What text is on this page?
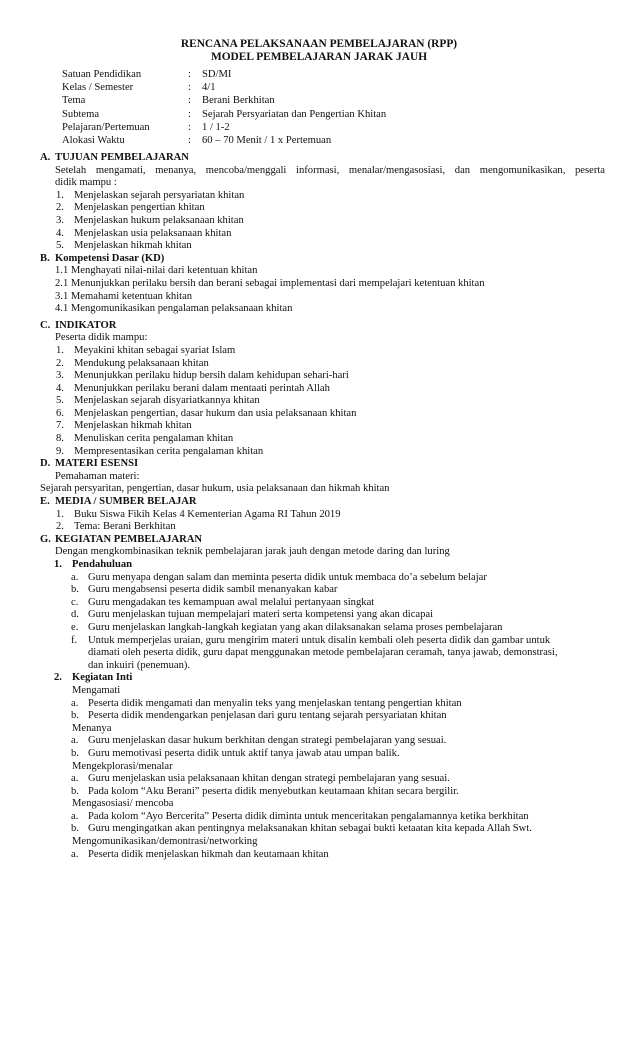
RENCANA PELAKSANAAN PEMBELAJARAN (RPP)
MODEL PEMBELAJARAN JARAK JAUH
Satuan Pendidikan	: SD/MI
Kelas / Semester	: 4/1
Tema	: Berani Berkhitan
Subtema	: Sejarah Persyariatan dan Pengertian Khitan
Pelajaran/Pertemuan	: 1 / 1-2
Alokasi Waktu	: 60 – 70 Menit / 1 x Pertemuan
A. TUJUAN PEMBELAJARAN
Setelah mengamati, menanya, mencoba/menggali informasi, menalar/mengasosiasi, dan mengomunikasikan, peserta
didik mampu :
1. Menjelaskan sejarah persyariatan khitan
2. Menjelaskan pengertian khitan
3. Menjelaskan hukum pelaksanaan khitan
4. Menjelaskan usia pelaksanaan khitan
5. Menjelaskan hikmah khitan
B. Kompetensi Dasar (KD)
1.1 Menghayati nilai-nilai dari ketentuan khitan
2.1 Menunjukkan perilaku bersih dan berani sebagai implementasi dari mempelajari ketentuan khitan
3.1 Memahami ketentuan khitan
4.1 Mengomunikasikan pengalaman pelaksanaan khitan
C. INDIKATOR
Peserta didik mampu:
1. Meyakini khitan sebagai syariat Islam
2. Mendukung pelaksanaan khitan
3. Menunjukkan perilaku hidup bersih dalam kehidupan sehari-hari
4. Menunjukkan perilaku berani dalam mentaati perintah Allah
5. Menjelaskan sejarah disyariatkannya khitan
6. Menjelaskan pengertian, dasar hukum dan usia pelaksanaan khitan
7. Menjelaskan hikmah khitan
8. Menuliskan cerita pengalaman khitan
9. Mempresentasikan cerita pengalaman khitan
D. MATERI ESENSI
Pemahaman materi:
Sejarah persyaritan, pengertian, dasar hukum, usia pelaksanaan dan hikmah khitan
E. MEDIA / SUMBER BELAJAR
1. Buku Siswa Fikih Kelas 4 Kementerian Agama RI Tahun 2019
2. Tema: Berani Berkhitan
G. KEGIATAN PEMBELAJARAN
Dengan mengkombinasikan teknik pembelajaran jarak jauh dengan metode daring dan luring
1. Pendahuluan
a. Guru menyapa dengan salam dan meminta peserta didik untuk membaca do’a sebelum belajar
b. Guru mengabsensi peserta didik sambil menanyakan kabar
c. Guru mengadakan tes kemampuan awal melalui pertanyaan singkat
d. Guru menjelaskan tujuan mempelajari materi serta kompetensi yang akan dicapai
e. Guru menjelaskan langkah-langkah kegiatan yang akan dilaksanakan selama proses pembelajaran
f. Untuk memperjelas uraian, guru mengirim materi untuk disalin kembali oleh peserta didik dan gambar untuk
diamati oleh peserta didik, guru dapat menggunakan metode pembelajaran ceramah, tanya jawab, demonstrasi,
dan inkuiri (penemuan).
2. Kegiatan Inti
Mengamati
a. Peserta didik mengamati dan menyalin teks yang menjelaskan tentang pengertian khitan
b. Peserta didik mendengarkan penjelasan dari guru tentang sejarah persyariatan khitan
Menanya
a. Guru menjelaskan dasar hukum berkhitan dengan strategi pembelajaran yang sesuai.
b. Guru memotivasi peserta didik untuk aktif tanya jawab atau umpan balik.
Mengekplorasi/menalar
a. Guru menjelaskan usia pelaksanaan khitan dengan strategi pembelajaran yang sesuai.
b. Pada kolom “Aku Berani” peserta didik menyebutkan keutamaan khitan secara bergilir.
Mengasosiasi/ mencoba
a. Pada kolom “Ayo Bercerita” Peserta didik diminta untuk menceritakan pengalamannya ketika berkhitan
b. Guru mengingatkan akan pentingnya melaksanakan khitan sebagai bukti ketaatan kita kepada Allah Swt.
Mengomunikasikan/demontrasi/networking
a. Peserta didik menjelaskan hikmah dan keutamaan khitan
